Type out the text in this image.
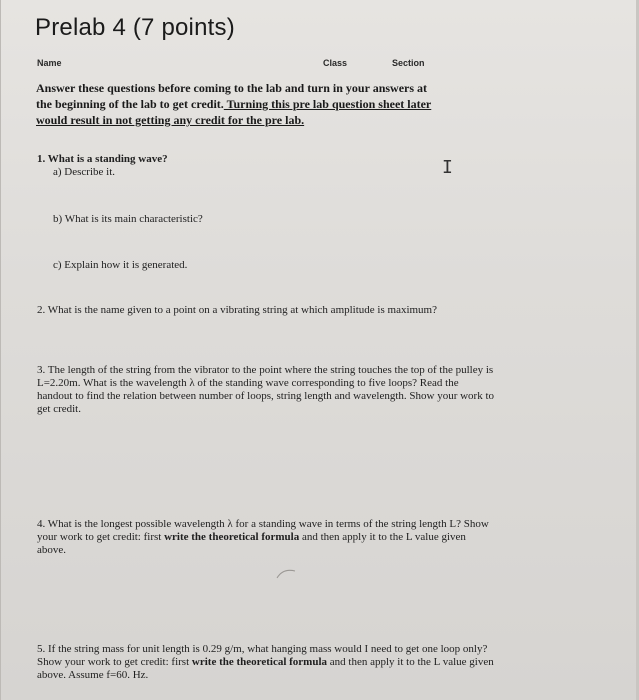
Prelab 4 (7 points)
Name	Class	Section
Answer these questions before coming to the lab and turn in your answers at
the beginning of the lab to get credit. Turning this pre lab question sheet later
would result in not getting any credit for the pre lab.
1. What is a standing wave?
a) Describe it.
b) What is its main characteristic?
c) Explain how it is generated.
I
2. What is the name given to a point on a vibrating string at which amplitude is maximum?
3. The length of the string from the vibrator to the point where the string touches the top of the pulley is
L=2.20m. What is the wavelength λ of the standing wave corresponding to five loops? Read the
handout to find the relation between number of loops, string length and wavelength. Show your work to
get credit.
4. What is the longest possible wavelength λ for a standing wave in terms of the string length L? Show
your work to get credit: first write the theoretical formula and then apply it to the L value given
above.
5. If the string mass for unit length is 0.29 g/m, what hanging mass would I need to get one loop only?
Show your work to get credit: first write the theoretical formula and then apply it to the L value given
above. Assume f=60. Hz.
